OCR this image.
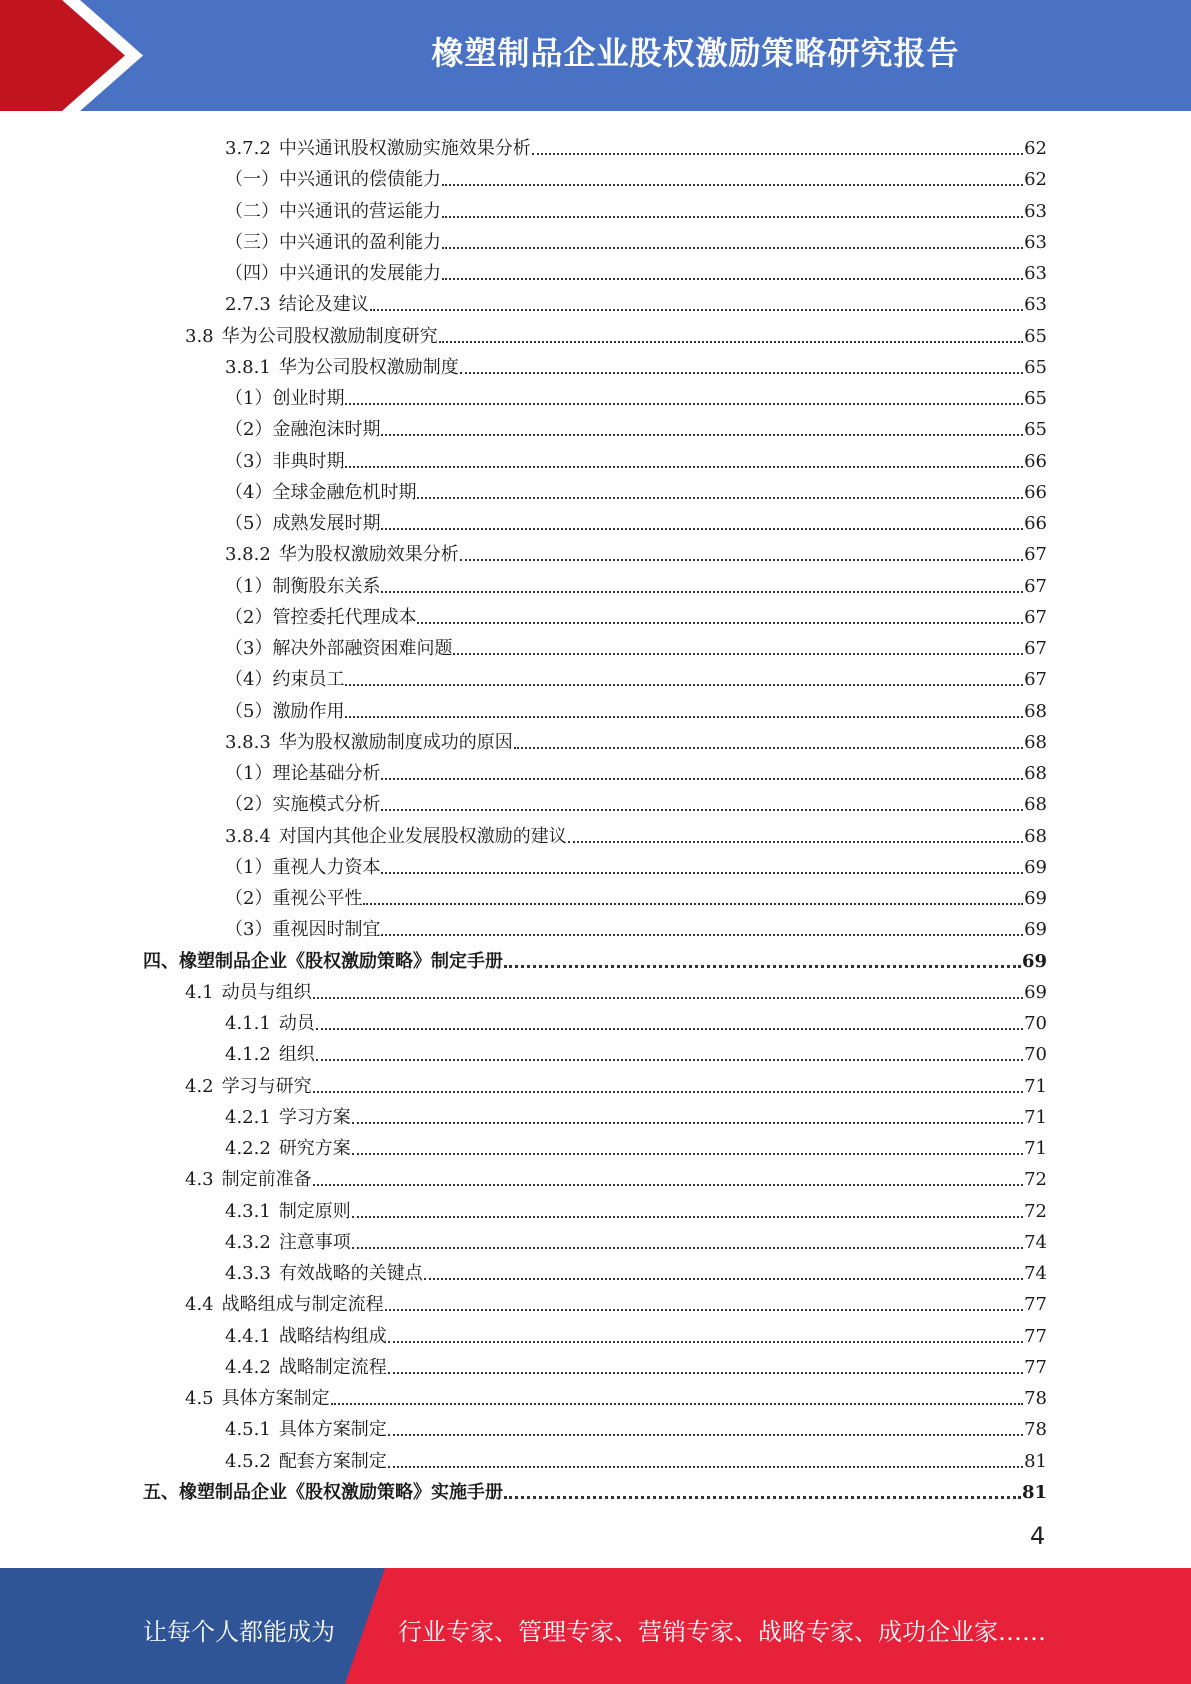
橡塑制品企业股权激励策略研究报告
3.7.2 中兴通讯股权激励实施效果分析	62
（一）中兴通讯的偿债能力	62
（二）中兴通讯的营运能力	63
（三）中兴通讯的盈利能力	63
（四）中兴通讯的发展能力	63
2.7.3 结论及建议	63
3.8 华为公司股权激励制度研究	65
3.8.1 华为公司股权激励制度	65
（1）创业时期	65
（2）金融泡沫时期	65
（3）非典时期	66
（4）全球金融危机时期	66
（5）成熟发展时期	66
3.8.2 华为股权激励效果分析	67
（1）制衡股东关系	67
（2）管控委托代理成本	67
（3）解决外部融资困难问题	67
（4）约束员工	67
（5）激励作用	68
3.8.3 华为股权激励制度成功的原因	68
（1）理论基础分析	68
（2）实施模式分析	68
3.8.4 对国内其他企业发展股权激励的建议	68
（1）重视人力资本	69
（2）重视公平性	69
（3）重视因时制宜	69
四、橡塑制品企业《股权激励策略》制定手册	69
4.1 动员与组织	69
4.1.1 动员	70
4.1.2 组织	70
4.2 学习与研究	71
4.2.1 学习方案	71
4.2.2 研究方案	71
4.3 制定前准备	72
4.3.1 制定原则	72
4.3.2 注意事项	74
4.3.3 有效战略的关键点	74
4.4 战略组成与制定流程	77
4.4.1 战略结构组成	77
4.4.2 战略制定流程	77
4.5 具体方案制定	78
4.5.1 具体方案制定	78
4.5.2 配套方案制定	81
五、橡塑制品企业《股权激励策略》实施手册	81
4
让每个人都能成为	行业专家、管理专家、营销专家、战略专家、成功企业家……
